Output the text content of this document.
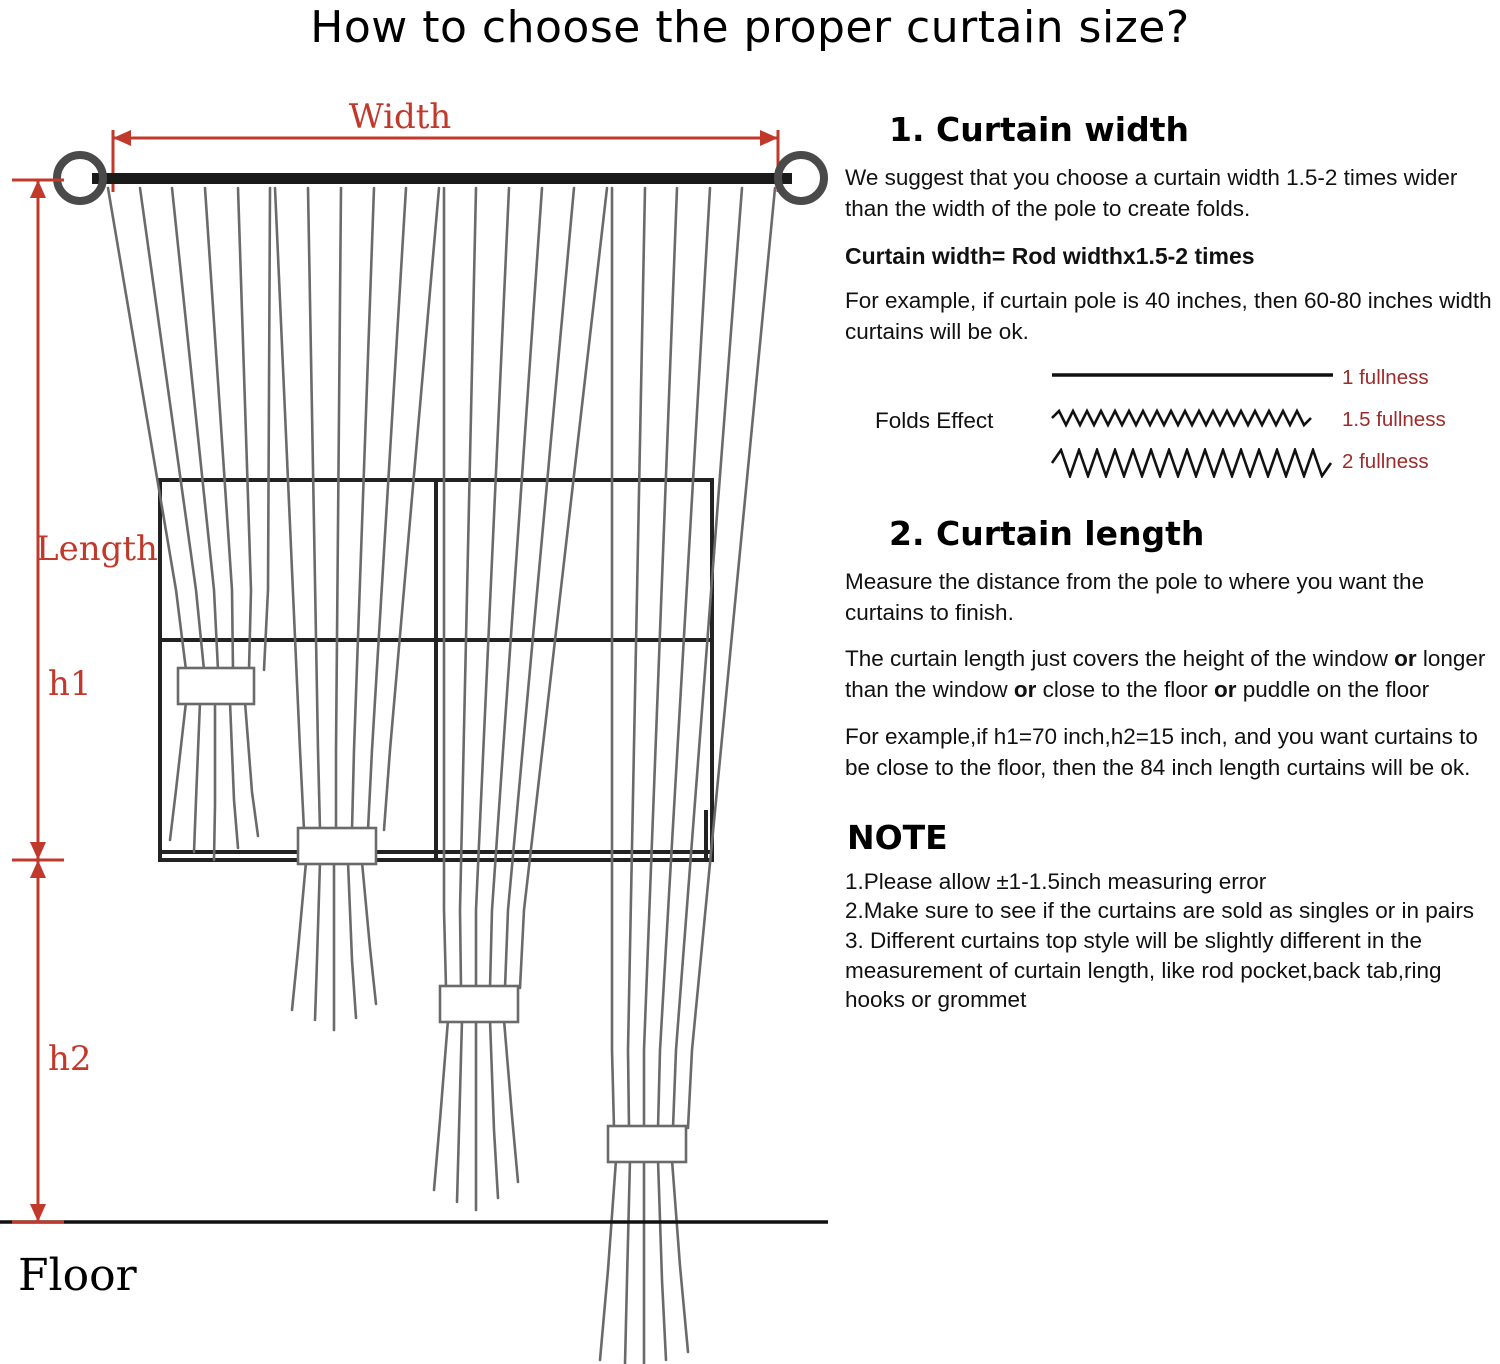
How to choose the proper curtain size?
Width
Floor
Length
h1
h2
1. Curtain width

We suggest that you choose a curtain width 1.5-2 times wider than the width of the pole to create folds.

Curtain width= Rod widthx1.5-2 times

For example, if curtain pole is 40 inches, then 60-80 inches width curtains will be ok.

Folds Effect
1 fullness
1.5 fullness
2 fullness
2. Curtain length

Measure the distance from the pole to where you want the curtains to finish.

The curtain length just covers the height of the window or longer than the window or close to the floor or puddle on the floor

For example,if h1=70 inch,h2=15 inch, and you want curtains to be close to the floor, then the 84 inch length curtains will be ok.

NOTE
1.Please allow ±1-1.5inch measuring error
2.Make sure to see if the curtains are sold as singles or in pairs
3. Different curtains top style will be slightly different in the measurement of curtain length, like rod pocket,back tab,ring hooks or grommet
